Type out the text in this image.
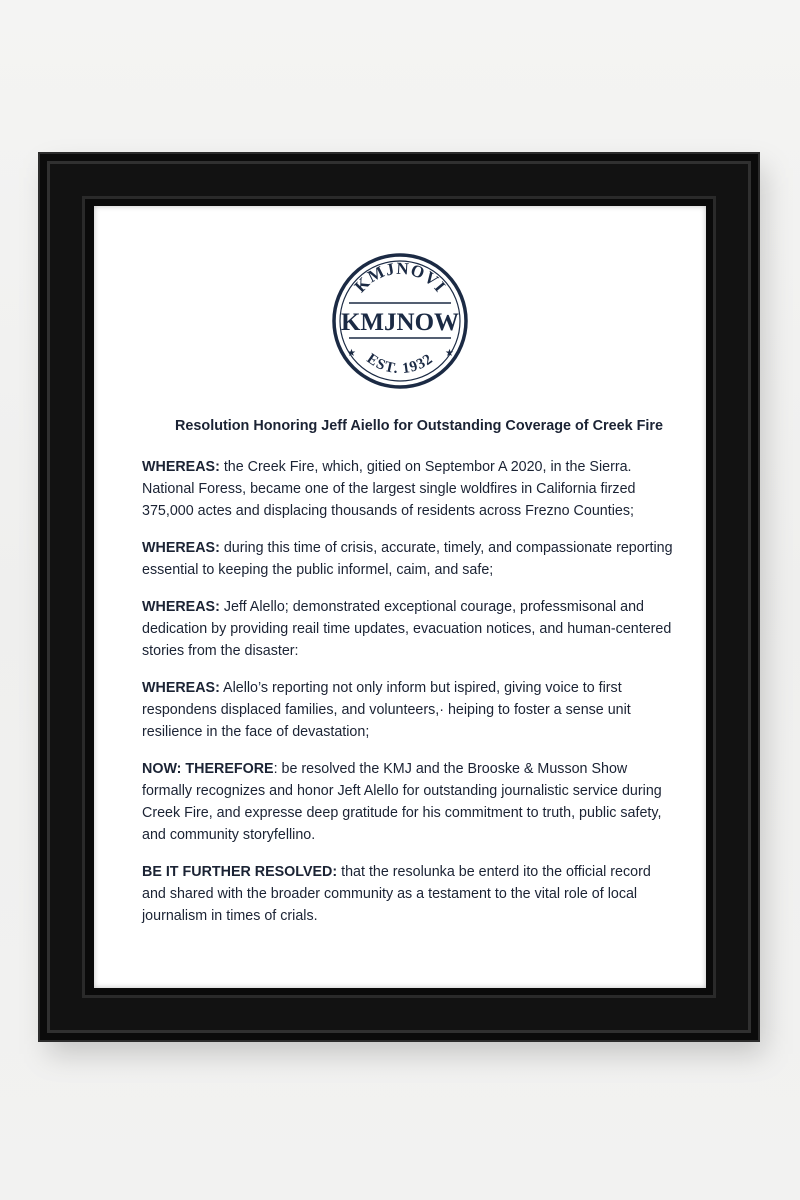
KMJNOVI
KMJNOW
EST. 1932
★	★
Resolution Honoring Jeff Aiello for Outstanding Coverage of Creek Fire

WHEREAS: the Creek Fire, which, gitied on Septembor A 2020, in the Sierra. National Foress, became one of the largest single woldfires in California firzed 375,000 actes and displacing thousands of residents across Frezno Counties;

WHEREAS: during this time of crisis, accurate, timely, and compassionate reporting essential to keeping the public informel, caim, and safe;

WHEREAS: Jeff Alello; demonstrated exceptional courage, professmisonal and dedication by providing reail time updates, evacuation notices, and human-centered stories from the disaster:

WHEREAS: Alello’s reporting not only inform but ispired, giving voice to first respondens displaced families, and volunteers,· heiping to foster a sense unit resilience in the face of devastation;

NOW: THEREFORE: be resolved the KMJ and the Brooske & Musson Show formally recognizes and honor Jeft Alello for outstanding journalistic service during Creek Fire, and expresse deep gratitude for his commitment to truth, public safety, and community storyfellino.

BE IT FURTHER RESOLVED: that the resolunka be enterd ito the official record and shared with the broader community as a testament to the vital role of local journalism in times of crials.
